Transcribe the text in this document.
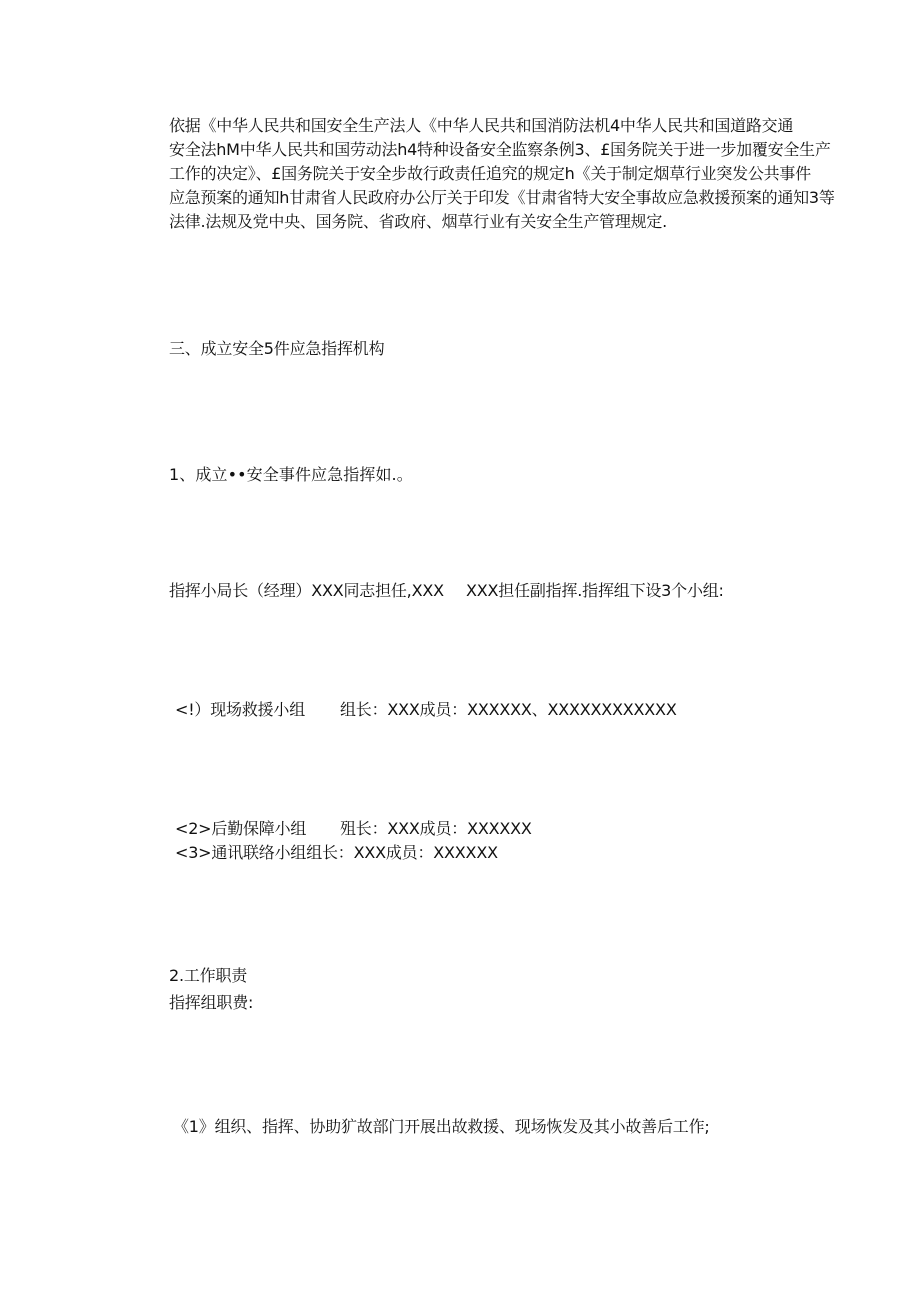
依据《中华人民共和国安全生产法人《中华人民共和国消防法机4中华人民共和国道路交通
安全法hM中华人民共和国劳动法h4特种设备安全监察条例3、£国务院关于进一步加覆安全生产
工作的决定》、£国务院关于安全步故行政责任追究的规定h《关于制定烟草行业突发公共事件
应急预案的通知h甘肃省人民政府办公厅关于印发《甘肃省特大安全事故应急救援预案的通知3等
法律.法规及党中央、国务院、省政府、烟草行业有关安全生产管理规定.
三、成立安全5件应急指挥机构
1、成立••安全事件应急指挥如.。
指挥小局长（经理）XXX同志担任,XXX XXX担任副指挥.指挥组下设3个小组:
<!）现场救援小组 组长：XXX成员：XXXXXX、XXXXXXXXXXXX
<2>后勤保障小组 殂长：XXX成员：XXXXXX
<3>通讯联络小组组长：XXX成员：XXXXXX
2.工作职责
指挥组职费:
《1》组织、指挥、协助犷故部门开展出故救援、现场恢发及其小故善后工作;
